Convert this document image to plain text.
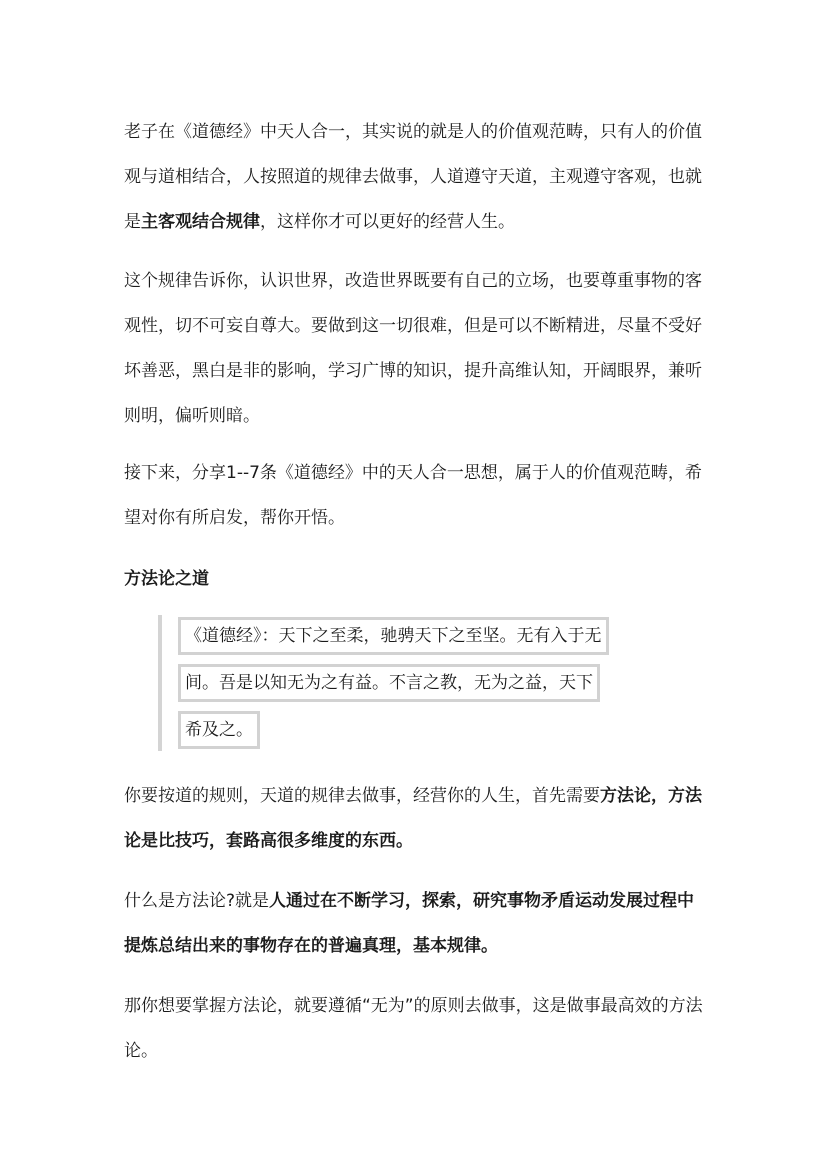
老子在《道德经》中天人合一，其实说的就是人的价值观范畴，只有人的价值观与道相结合，人按照道的规律去做事，人道遵守天道，主观遵守客观，也就是主客观结合规律，这样你才可以更好的经营人生。

这个规律告诉你，认识世界，改造世界既要有自己的立场，也要尊重事物的客观性，切不可妄自尊大。要做到这一切很难，但是可以不断精进，尽量不受好坏善恶，黑白是非的影响，学习广博的知识，提升高维认知，开阔眼界，兼听则明，偏听则暗。

接下来，分享1--7条《道德经》中的天人合一思想，属于人的价值观范畴，希望对你有所启发，帮你开悟。

方法论之道

《道德经》：天下之至柔，驰骋天下之至坚。无有入于无
间。吾是以知无为之有益。不言之教，无为之益，天下
希及之。

你要按道的规则，天道的规律去做事，经营你的人生，首先需要方法论，方法论是比技巧，套路高很多维度的东西。

什么是方法论?就是人通过在不断学习，探索，研究事物矛盾运动发展过程中提炼总结出来的事物存在的普遍真理，基本规律。

那你想要掌握方法论，就要遵循“无为”的原则去做事，这是做事最高效的方法论。
